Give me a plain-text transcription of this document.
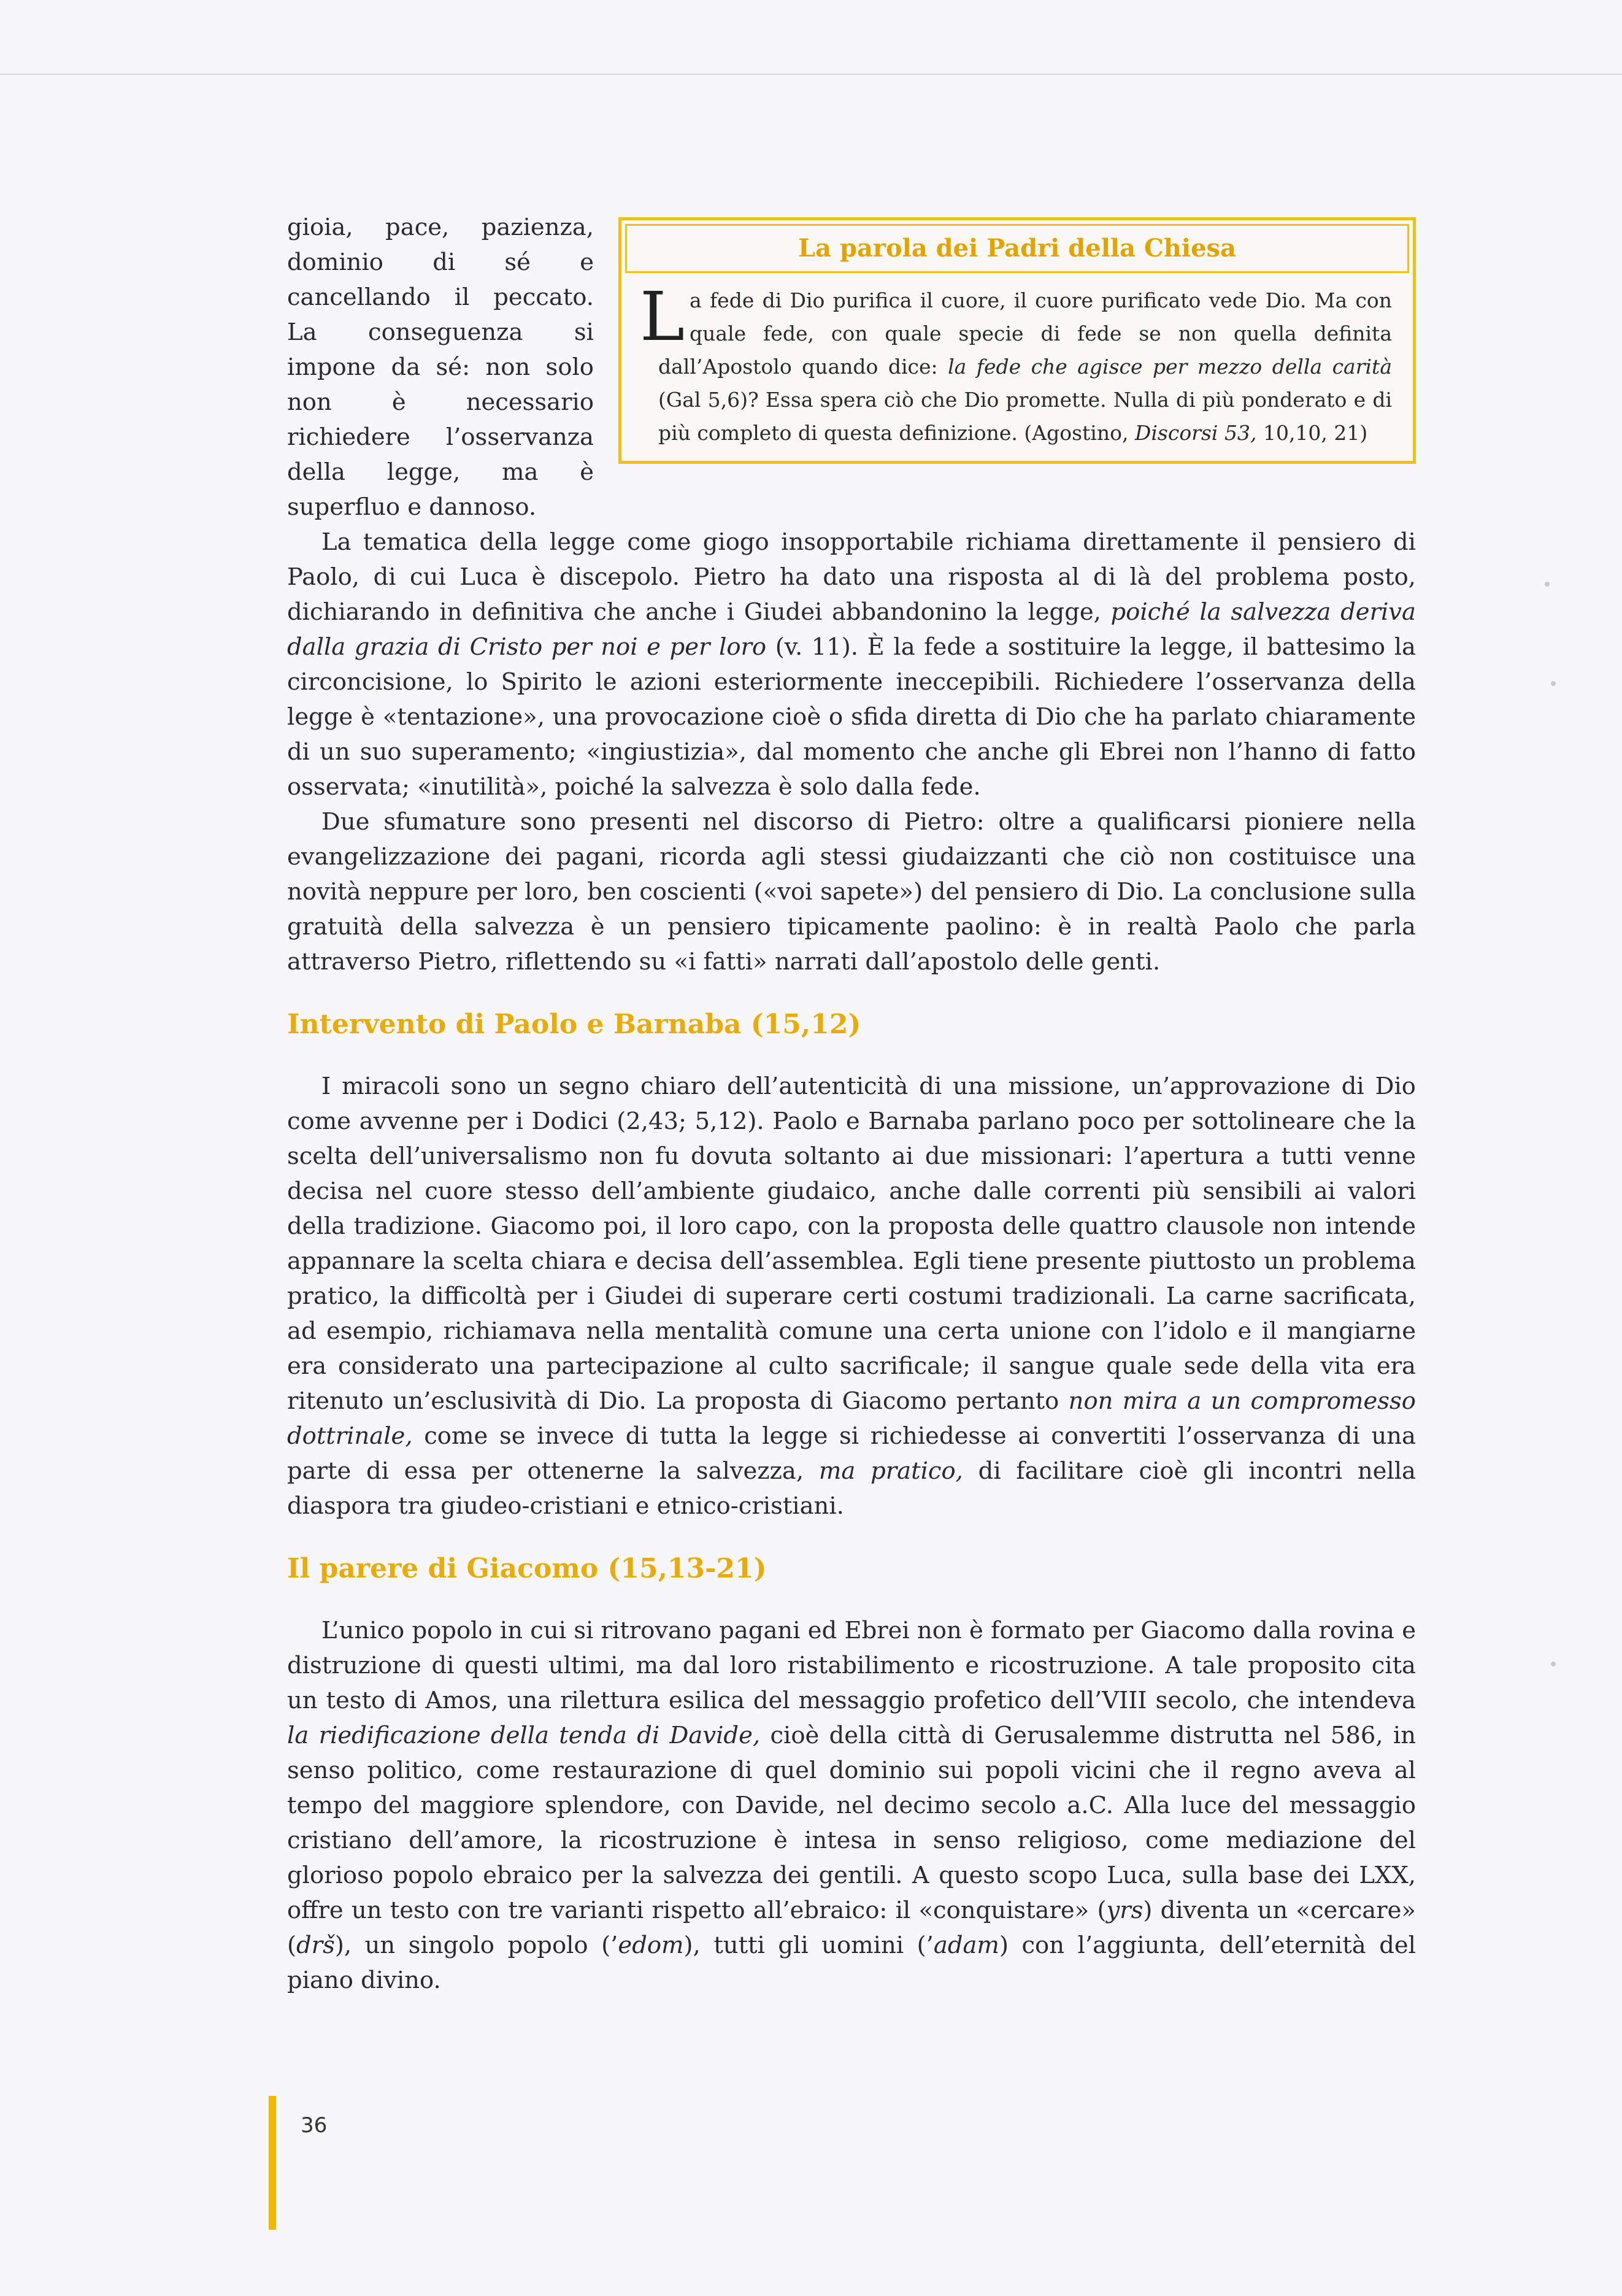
La parola dei Padri della Chiesa
L a fede di Dio purifica il cuore, il cuore purificato vede Dio. Ma con quale fede, con quale specie di fede se non quella definita dall’Apostolo quando dice: la fede che agisce per mezzo della carità (Gal 5,6)? Essa spera ciò che Dio promette. Nulla di più ponderato e di più completo di questa definizione. (Agostino, Discorsi 53, 10,10, 21)

gioia, pace, pazienza, dominio di sé e cancellando il peccato. La conseguenza si impone da sé: non solo non è necessario richiedere l’osservanza della legge, ma è superfluo e dannoso.

La tematica della legge come giogo insopportabile richiama direttamente il pensiero di Paolo, di cui Luca è discepolo. Pietro ha dato una risposta al di là del problema posto, dichiarando in definitiva che anche i Giudei abbandonino la legge, poiché la salvezza deriva dalla grazia di Cristo per noi e per loro (v. 11). È la fede a sostituire la legge, il battesimo la circoncisione, lo Spirito le azioni esteriormente ineccepibili. Richiedere l’osservanza della legge è «tentazione», una provocazione cioè o sfida diretta di Dio che ha parlato chiaramente di un suo superamento; «ingiustizia», dal momento che anche gli Ebrei non l’hanno di fatto osservata; «inutilità», poiché la salvezza è solo dalla fede.

Due sfumature sono presenti nel discorso di Pietro: oltre a qualificarsi pioniere nella evangelizzazione dei pagani, ricorda agli stessi giudaizzanti che ciò non costituisce una novità neppure per loro, ben coscienti («voi sapete») del pensiero di Dio. La conclusione sulla gratuità della salvezza è un pensiero tipicamente paolino: è in realtà Paolo che parla attraverso Pietro, riflettendo su «i fatti» narrati dall’apostolo delle genti.

Intervento di Paolo e Barnaba (15,12)

I miracoli sono un segno chiaro dell’autenticità di una missione, un’approvazione di Dio come avvenne per i Dodici (2,43; 5,12). Paolo e Barnaba parlano poco per sottolineare che la scelta dell’universalismo non fu dovuta soltanto ai due missionari: l’apertura a tutti venne decisa nel cuore stesso dell’ambiente giudaico, anche dalle correnti più sensibili ai valori della tradizione. Giacomo poi, il loro capo, con la proposta delle quattro clausole non intende appannare la scelta chiara e decisa dell’assemblea. Egli tiene presente piuttosto un problema pratico, la difficoltà per i Giudei di superare certi costumi tradizionali. La carne sacrificata, ad esempio, richiamava nella mentalità comune una certa unione con l’idolo e il mangiarne era considerato una partecipazione al culto sacrificale; il sangue quale sede della vita era ritenuto un’esclusività di Dio. La proposta di Giacomo pertanto non mira a un compromesso dottrinale, come se invece di tutta la legge si richiedesse ai convertiti l’osservanza di una parte di essa per ottenerne la salvezza, ma pratico, di facilitare cioè gli incontri nella diaspora tra giudeo-cristiani e etnico-cristiani.

Il parere di Giacomo (15,13-21)

L’unico popolo in cui si ritrovano pagani ed Ebrei non è formato per Giacomo dalla rovina e distruzione di questi ultimi, ma dal loro ristabilimento e ricostruzione. A tale proposito cita un testo di Amos, una rilettura esilica del messaggio profetico dell’VIII secolo, che intendeva la riedificazione della tenda di Davide, cioè della città di Gerusalemme distrutta nel 586, in senso politico, come restaurazione di quel dominio sui popoli vicini che il regno aveva al tempo del maggiore splendore, con Davide, nel decimo secolo a.C. Alla luce del messaggio cristiano dell’amore, la ricostruzione è intesa in senso religioso, come mediazione del glorioso popolo ebraico per la salvezza dei gentili. A questo scopo Luca, sulla base dei LXX, offre un testo con tre varianti rispetto all’ebraico: il «conquistare» (yrs) diventa un «cercare» (drš), un singolo popolo (’edom), tutti gli uomini (’adam) con l’aggiunta, dell’eternità del piano divino.

36
